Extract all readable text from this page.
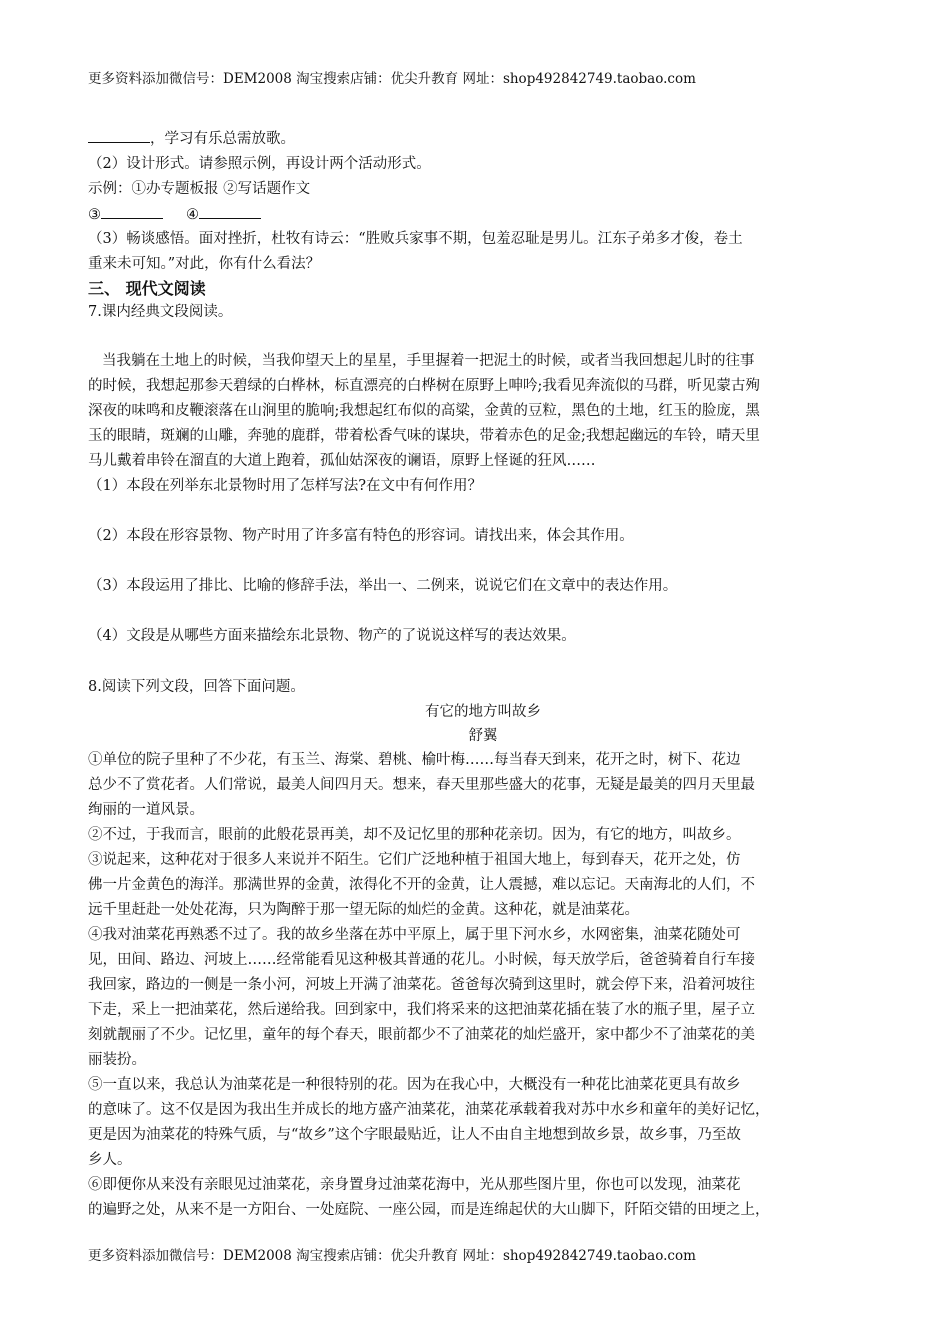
更多资料添加微信号：DEM2008 淘宝搜索店铺：优尖升教育 网址：shop492842749.taobao.com
，学习有乐总需放歌。
（2）设计形式。请参照示例，再设计两个活动形式。
示例：①办专题板报 ②写话题作文
③	④
（3）畅谈感悟。面对挫折，杜牧有诗云：“胜败兵家事不期，包羞忍耻是男儿。江东子弟多才俊，卷土
重来未可知。”对此，你有什么看法？
三、 现代文阅读
7.课内经典文段阅读。
当我躺在土地上的时候，当我仰望天上的星星，手里握着一把泥土的时候，或者当我回想起儿时的往事
的时候，我想起那参天碧绿的白桦林，标直漂亮的白桦树在原野上呻吟;我看见奔流似的马群，听见蒙古殉
深夜的味鸣和皮鞭滚落在山涧里的脆响;我想起红布似的高粱，金黄的豆粒，黑色的土地，红玉的脸庞，黑
玉的眼睛，斑斓的山雕，奔驰的鹿群，带着松香气味的谋块，带着赤色的足金;我想起幽远的车铃，晴天里
马儿戴着串铃在溜直的大道上跑着，孤仙姑深夜的谰语，原野上怪诞的狂风……
（1）本段在列举东北景物时用了怎样写法?在文中有何作用？
（2）本段在形容景物、物产时用了许多富有特色的形容词。请找出来，体会其作用。
（3）本段运用了排比、比喻的修辞手法，举出一、二例来，说说它们在文章中的表达作用。
（4）文段是从哪些方面来描绘东北景物、物产的了说说这样写的表达效果。
8.阅读下列文段，回答下面问题。
有它的地方叫故乡
舒翼
①单位的院子里种了不少花，有玉兰、海棠、碧桃、榆叶梅……每当春天到来，花开之时，树下、花边
总少不了赏花者。人们常说，最美人间四月天。想来，春天里那些盛大的花事，无疑是最美的四月天里最
绚丽的一道风景。
②不过，于我而言，眼前的此般花景再美，却不及记忆里的那种花亲切。因为，有它的地方，叫故乡。
③说起来，这种花对于很多人来说并不陌生。它们广泛地种植于祖国大地上，每到春天，花开之处，仿
佛一片金黄色的海洋。那满世界的金黄，浓得化不开的金黄，让人震撼，难以忘记。天南海北的人们，不
远千里赶赴一处处花海，只为陶醉于那一望无际的灿烂的金黄。这种花，就是油菜花。
④我对油菜花再熟悉不过了。我的故乡坐落在苏中平原上，属于里下河水乡，水网密集，油菜花随处可
见，田间、路边、河坡上……经常能看见这种极其普通的花儿。小时候，每天放学后，爸爸骑着自行车接
我回家，路边的一侧是一条小河，河坡上开满了油菜花。爸爸每次骑到这里时，就会停下来，沿着河坡往
下走，采上一把油菜花，然后递给我。回到家中，我们将采来的这把油菜花插在装了水的瓶子里，屋子立
刻就靓丽了不少。记忆里，童年的每个春天，眼前都少不了油菜花的灿烂盛开，家中都少不了油菜花的美
丽装扮。
⑤一直以来，我总认为油菜花是一种很特别的花。因为在我心中，大概没有一种花比油菜花更具有故乡
的意味了。这不仅是因为我出生并成长的地方盛产油菜花，油菜花承载着我对苏中水乡和童年的美好记忆，
更是因为油菜花的特殊气质，与“故乡”这个字眼最贴近，让人不由自主地想到故乡景，故乡事，乃至故
乡人。
⑥即便你从来没有亲眼见过油菜花，亲身置身过油菜花海中，光从那些图片里，你也可以发现，油菜花
的遍野之处，从来不是一方阳台、一处庭院、一座公园，而是连绵起伏的大山脚下，阡陌交错的田埂之上，
更多资料添加微信号：DEM2008 淘宝搜索店铺：优尖升教育 网址：shop492842749.taobao.com
